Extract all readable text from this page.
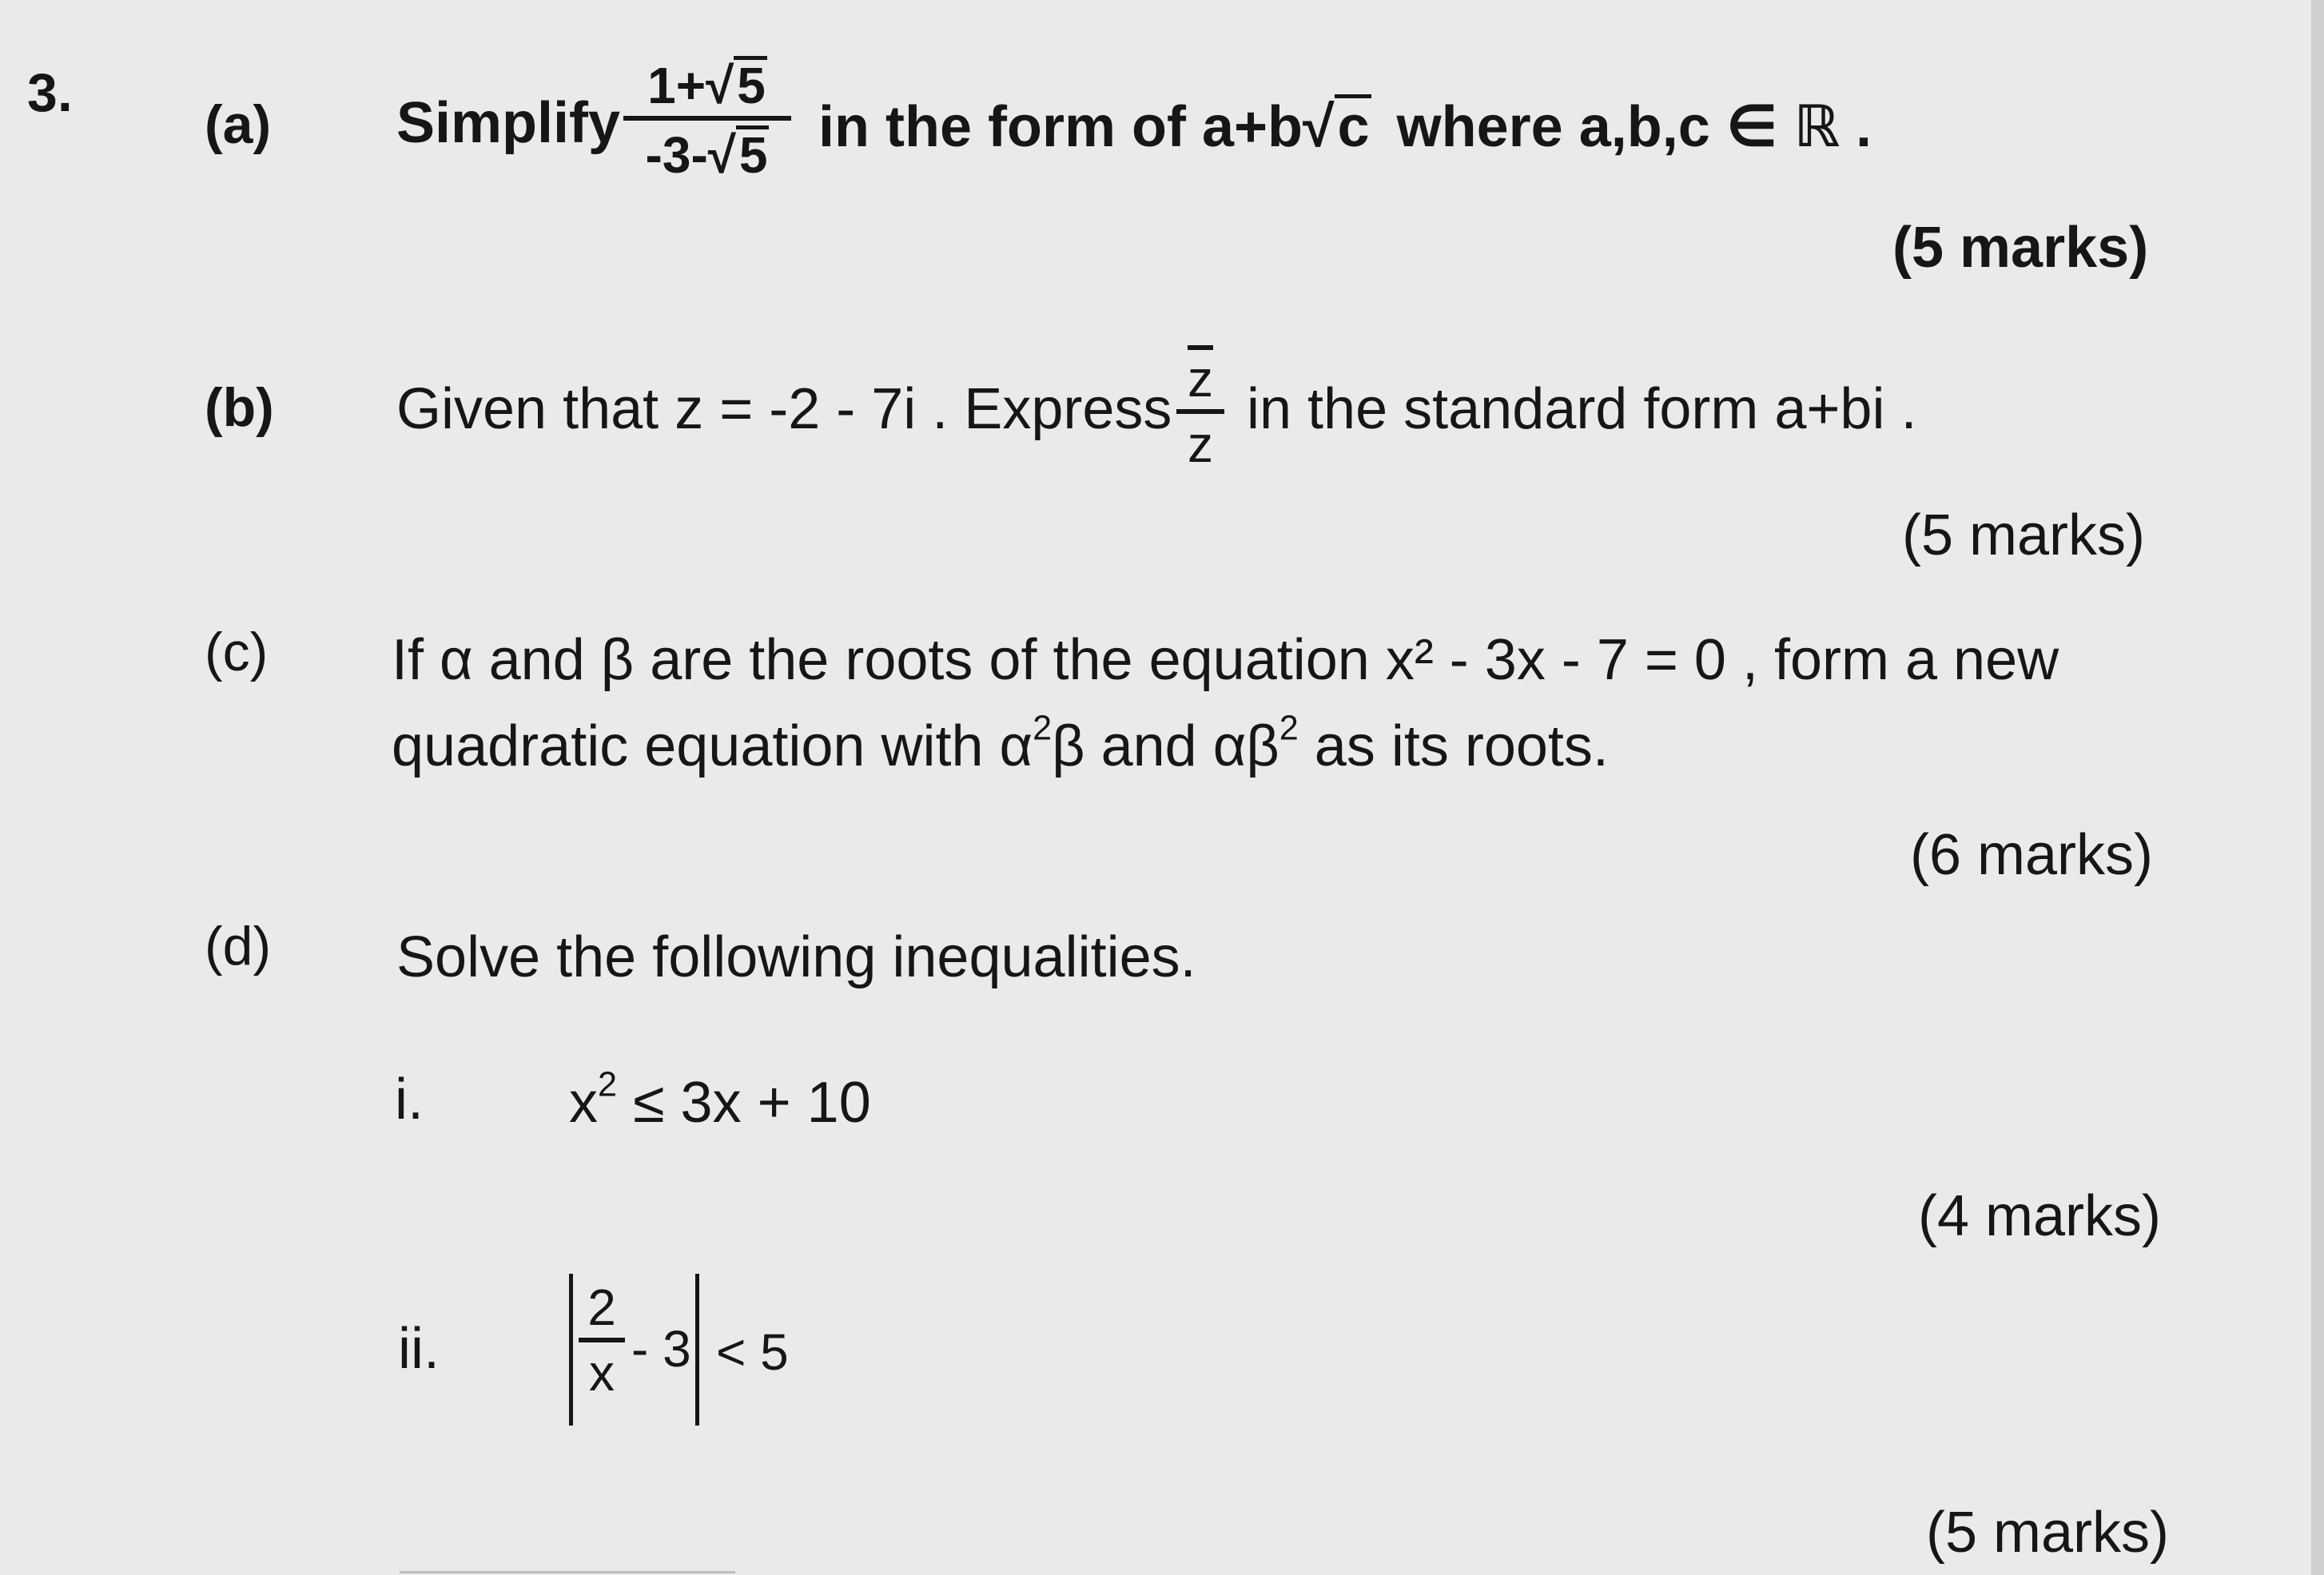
3.
(a) Simplify
1+√5
-3-√5 in the form of a+b√c where a,b,c ∈ ℝ .
(5 marks)
(b) Given that z = -2 - 7i . Express $\overline{z}$
z
in the standard form a+bi .
(5 marks)
(c) If α and β are the roots of the equation x² - 3x - 7 = 0 , form a new
quadratic equation with $\alpha^2\beta$ and $\alpha\beta^2$ as its roots.
(6 marks)
(d) Solve the following inequalities.
i.	$x^2 \le 3x + 10$
(4 marks)
ii.
2
x - 3 < 5
(5 marks)
